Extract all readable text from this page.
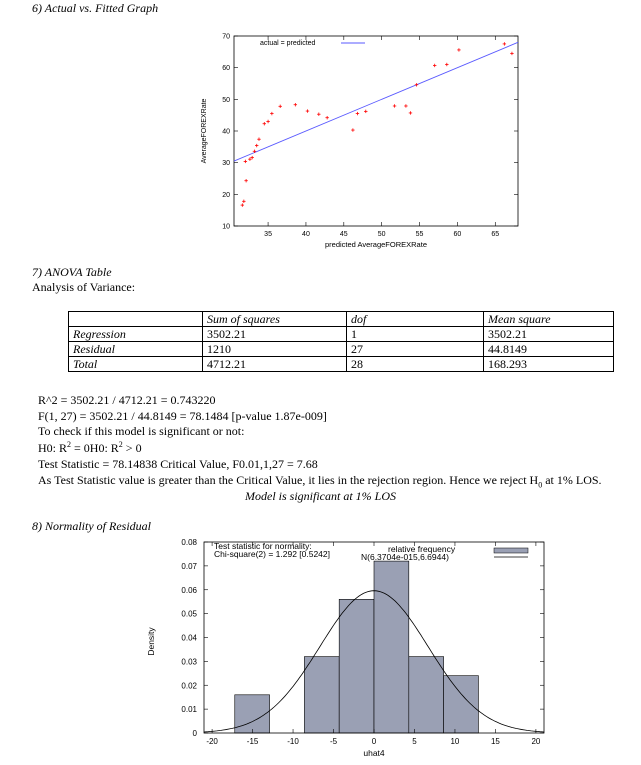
6) Actual vs. Fitted Graph
35	40	45	50	55	60	65
10
20
30
40
50
60
70
actual = predicted
predicted AverageFOREXRate
AverageFOREXRate
7) ANOVA Table
Analysis of Variance:
	Sum of squares	dof	Mean square
Regression	3502.21	1	3502.21
Residual	1210	27	44.8149
Total	4712.21	28	168.293
R^2 = 3502.21 / 4712.21 = 0.743220
F(1, 27) = 3502.21 / 44.8149 = 78.1484 [p-value 1.87e-009]
To check if this model is significant or not:
H0: $R^2 = 0H0$: $R^2 > 0$
Test Statistic = 78.14838 Critical Value, F0.01,1,27 = 7.68
As Test Statistic value is greater than the Critical Value, it lies in the rejection region. Hence we reject $H_0$ at 1% LOS.
Model is significant at 1% LOS
8) Normality of Residual
-20	-15	-10	-5	0	5	10	15	20
0
0.01
0.02
0.03
0.04
0.05
0.06
0.07
0.08 Test statistic for normality:
Chi-square(2) = 1.292 [0.5242]	relative frequency
N(6.3704e-015,6.6944)
uhat4
Density
